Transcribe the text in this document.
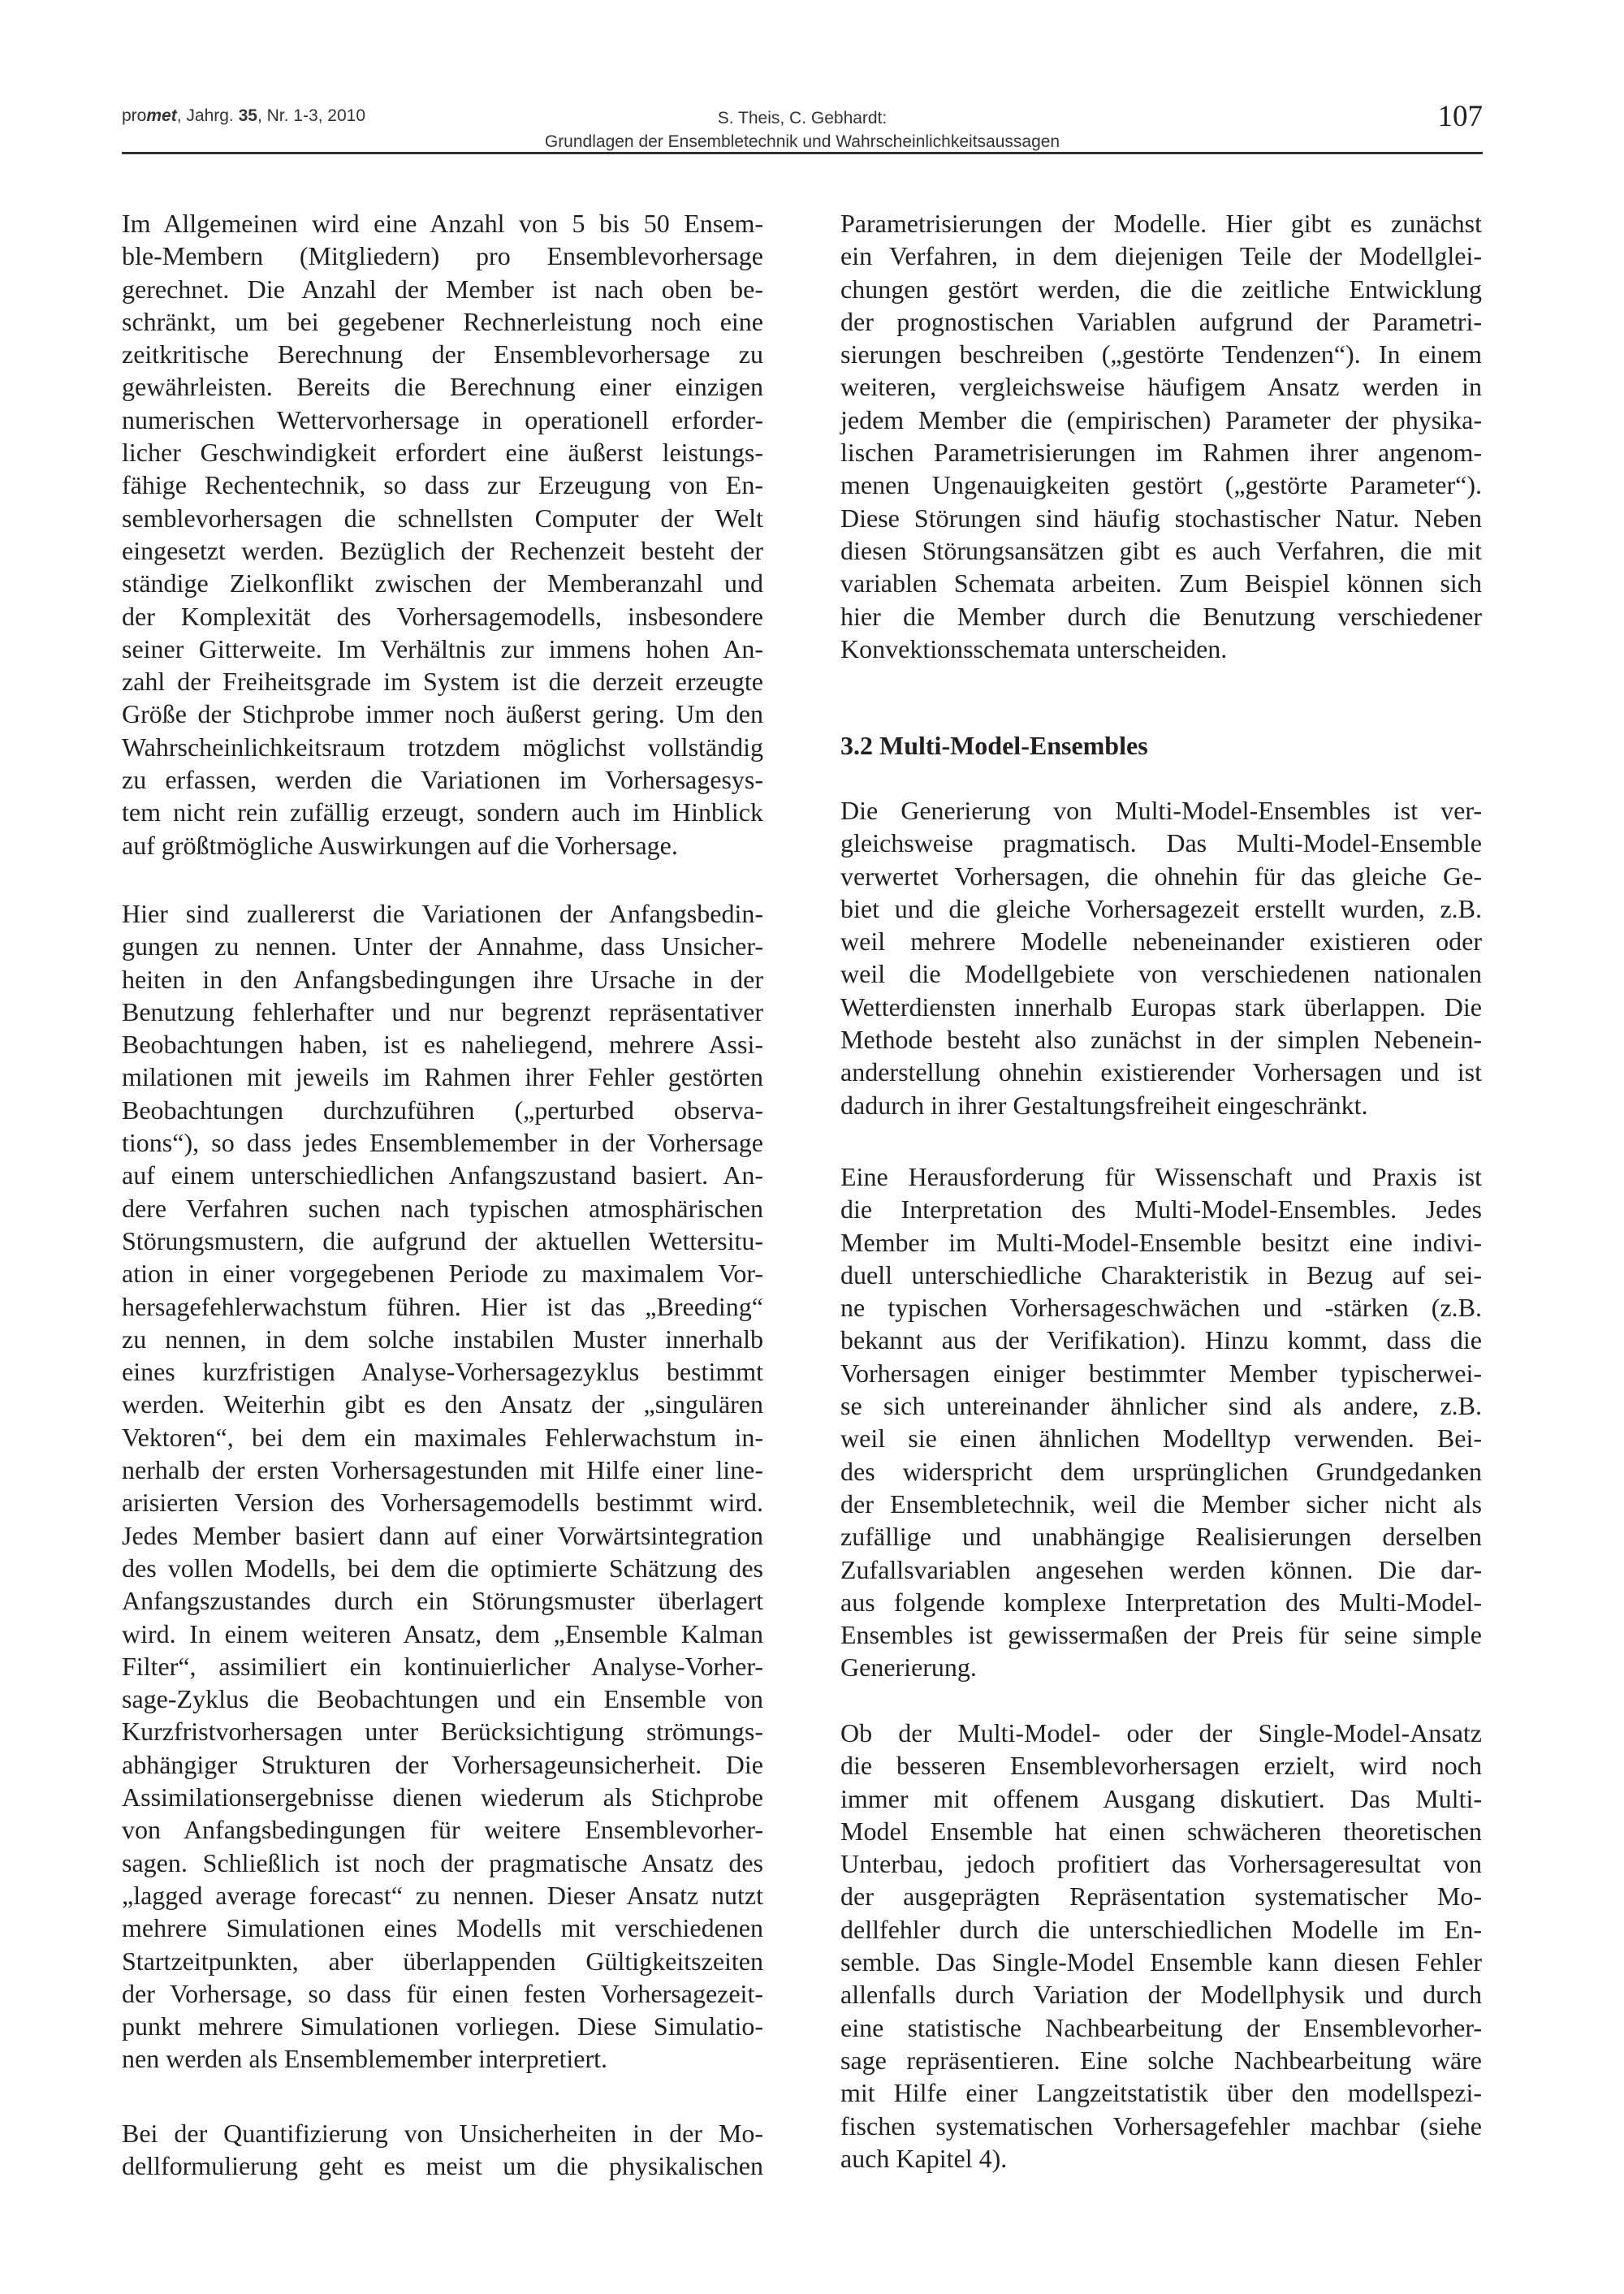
promet, Jahrg. 35, Nr. 1-3, 2010	S. Theis, C. Gebhardt:
Grundlagen der Ensembletechnik und Wahrscheinlichkeitsaussagen
107
Im Allgemeinen wird eine Anzahl von 5 bis 50 Ensem-
ble-Membern (Mitgliedern) pro Ensemblevorhersage
gerechnet. Die Anzahl der Member ist nach oben be-
schränkt, um bei gegebener Rechnerleistung noch eine
zeitkritische Berechnung der Ensemblevorhersage zu
gewährleisten. Bereits die Berechnung einer einzigen
numerischen Wettervorhersage in operationell erforder-
licher Geschwindigkeit erfordert eine äußerst leistungs-
fähige Rechentechnik, so dass zur Erzeugung von En-
semblevorhersagen die schnellsten Computer der Welt
eingesetzt werden. Bezüglich der Rechenzeit besteht der
ständige Zielkonflikt zwischen der Memberanzahl und
der Komplexität des Vorhersagemodells, insbesondere
seiner Gitterweite. Im Verhältnis zur immens hohen An-
zahl der Freiheitsgrade im System ist die derzeit erzeugte
Größe der Stichprobe immer noch äußerst gering. Um den
Wahrscheinlichkeitsraum trotzdem möglichst vollständig
zu erfassen, werden die Variationen im Vorhersagesys-
tem nicht rein zufällig erzeugt, sondern auch im Hinblick
auf größtmögliche Auswirkungen auf die Vorhersage.
Hier sind zuallererst die Variationen der Anfangsbedin-
gungen zu nennen. Unter der Annahme, dass Unsicher-
heiten in den Anfangsbedingungen ihre Ursache in der
Benutzung fehlerhafter und nur begrenzt repräsentativer
Beobachtungen haben, ist es naheliegend, mehrere Assi-
milationen mit jeweils im Rahmen ihrer Fehler gestörten
Beobachtungen durchzuführen („perturbed observa-
tions“), so dass jedes Ensemblemember in der Vorhersage
auf einem unterschiedlichen Anfangszustand basiert. An-
dere Verfahren suchen nach typischen atmosphärischen
Störungsmustern, die aufgrund der aktuellen Wettersitu-
ation in einer vorgegebenen Periode zu maximalem Vor-
hersagefehlerwachstum führen. Hier ist das „Breeding“
zu nennen, in dem solche instabilen Muster innerhalb
eines kurzfristigen Analyse-Vorhersagezyklus bestimmt
werden. Weiterhin gibt es den Ansatz der „singulären
Vektoren“, bei dem ein maximales Fehlerwachstum in-
nerhalb der ersten Vorhersagestunden mit Hilfe einer line-
arisierten Version des Vorhersagemodells bestimmt wird.
Jedes Member basiert dann auf einer Vorwärtsintegration
des vollen Modells, bei dem die optimierte Schätzung des
Anfangszustandes durch ein Störungsmuster überlagert
wird. In einem weiteren Ansatz, dem „Ensemble Kalman
Filter“, assimiliert ein kontinuierlicher Analyse-Vorher-
sage-Zyklus die Beobachtungen und ein Ensemble von
Kurzfristvorhersagen unter Berücksichtigung strömungs-
abhängiger Strukturen der Vorhersageunsicherheit. Die
Assimilationsergebnisse dienen wiederum als Stichprobe
von Anfangsbedingungen für weitere Ensemblevorher-
sagen. Schließlich ist noch der pragmatische Ansatz des
„lagged average forecast“ zu nennen. Dieser Ansatz nutzt
mehrere Simulationen eines Modells mit verschiedenen
Startzeitpunkten, aber überlappenden Gültigkeitszeiten
der Vorhersage, so dass für einen festen Vorhersagezeit-
punkt mehrere Simulationen vorliegen. Diese Simulatio-
nen werden als Ensemblemember interpretiert.
Bei der Quantifizierung von Unsicherheiten in der Mo-
dellformulierung geht es meist um die physikalischen
Parametrisierungen der Modelle. Hier gibt es zunächst
ein Verfahren, in dem diejenigen Teile der Modellglei-
chungen gestört werden, die die zeitliche Entwicklung
der prognostischen Variablen aufgrund der Parametri-
sierungen beschreiben („gestörte Tendenzen“). In einem
weiteren, vergleichsweise häufigem Ansatz werden in
jedem Member die (empirischen) Parameter der physika-
lischen Parametrisierungen im Rahmen ihrer angenom-
menen Ungenauigkeiten gestört („gestörte Parameter“).
Diese Störungen sind häufig stochastischer Natur. Neben
diesen Störungsansätzen gibt es auch Verfahren, die mit
variablen Schemata arbeiten. Zum Beispiel können sich
hier die Member durch die Benutzung verschiedener
Konvektionsschemata unterscheiden.
3.2 Multi-Model-Ensembles
Die Generierung von Multi-Model-Ensembles ist ver-
gleichsweise pragmatisch. Das Multi-Model-Ensemble
verwertet Vorhersagen, die ohnehin für das gleiche Ge-
biet und die gleiche Vorhersagezeit erstellt wurden, z.B.
weil mehrere Modelle nebeneinander existieren oder
weil die Modellgebiete von verschiedenen nationalen
Wetterdiensten innerhalb Europas stark überlappen. Die
Methode besteht also zunächst in der simplen Nebenein-
anderstellung ohnehin existierender Vorhersagen und ist
dadurch in ihrer Gestaltungsfreiheit eingeschränkt.
Eine Herausforderung für Wissenschaft und Praxis ist
die Interpretation des Multi-Model-Ensembles. Jedes
Member im Multi-Model-Ensemble besitzt eine indivi-
duell unterschiedliche Charakteristik in Bezug auf sei-
ne typischen Vorhersageschwächen und -stärken (z.B.
bekannt aus der Verifikation). Hinzu kommt, dass die
Vorhersagen einiger bestimmter Member typischerwei-
se sich untereinander ähnlicher sind als andere, z.B.
weil sie einen ähnlichen Modelltyp verwenden. Bei-
des widerspricht dem ursprünglichen Grundgedanken
der Ensembletechnik, weil die Member sicher nicht als
zufällige und unabhängige Realisierungen derselben
Zufallsvariablen angesehen werden können. Die dar-
aus folgende komplexe Interpretation des Multi-Model-
Ensembles ist gewissermaßen der Preis für seine simple
Generierung.
Ob der Multi-Model- oder der Single-Model-Ansatz
die besseren Ensemblevorhersagen erzielt, wird noch
immer mit offenem Ausgang diskutiert. Das Multi-
Model Ensemble hat einen schwächeren theoretischen
Unterbau, jedoch profitiert das Vorhersageresultat von
der ausgeprägten Repräsentation systematischer Mo-
dellfehler durch die unterschiedlichen Modelle im En-
semble. Das Single-Model Ensemble kann diesen Fehler
allenfalls durch Variation der Modellphysik und durch
eine statistische Nachbearbeitung der Ensemblevorher-
sage repräsentieren. Eine solche Nachbearbeitung wäre
mit Hilfe einer Langzeitstatistik über den modellspezi-
fischen systematischen Vorhersagefehler machbar (siehe
auch Kapitel 4).
